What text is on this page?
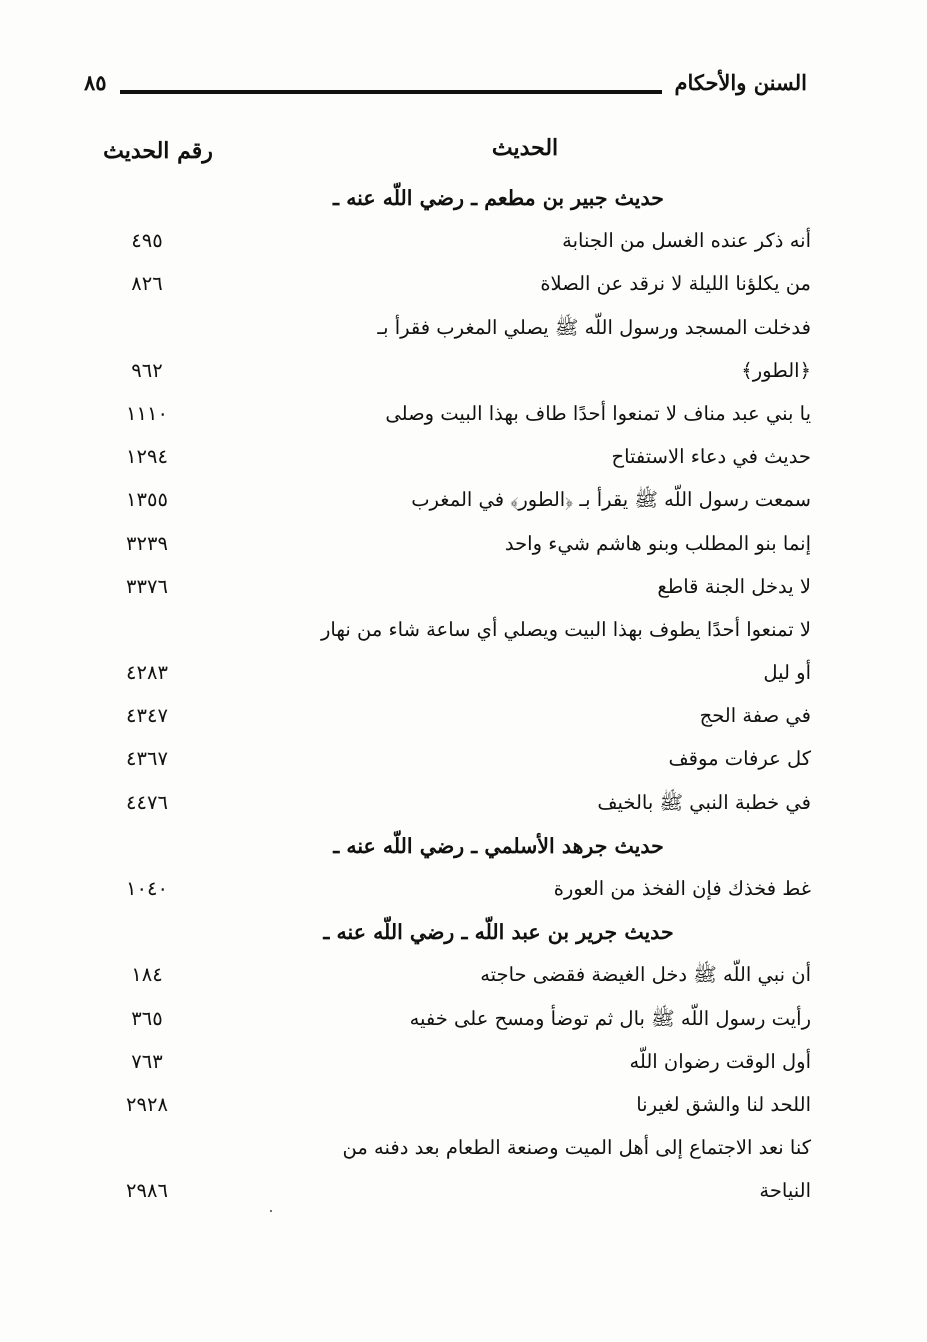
السنن والأحكام
٨٥
الحديث
رقم الحديث
حديث جبير بن مطعم ـ رضي اللّه عنه ـ
أنه ذكر عنده الغسل من الجنابة
٤٩٥
من يكلؤنا الليلة لا نرقد عن الصلاة
٨٢٦
فدخلت المسجد ورسول اللّه ﷺ يصلي المغرب فقرأ بـ
﴿الطور﴾
٩٦٢
يا بني عبد مناف لا تمنعوا أحدًا طاف بهذا البيت وصلى
١١١٠
حديث في دعاء الاستفتاح
١٢٩٤
سمعت رسول اللّه ﷺ يقرأ بـ ﴿الطور﴾ في المغرب
١٣٥٥
إنما بنو المطلب وبنو هاشم شيء واحد
٣٢٣٩
لا يدخل الجنة قاطع
٣٣٧٦
لا تمنعوا أحدًا يطوف بهذا البيت ويصلي أي ساعة شاء من نهار
أو ليل
٤٢٨٣
في صفة الحج
٤٣٤٧
كل عرفات موقف
٤٣٦٧
في خطبة النبي ﷺ بالخيف
٤٤٧٦
حديث جرهد الأسلمي ـ رضي اللّه عنه ـ
غط فخذك فإن الفخذ من العورة
١٠٤٠
حديث جرير بن عبد اللّه ـ رضي اللّه عنه ـ
أن نبي اللّه ﷺ دخل الغيضة فقضى حاجته
١٨٤
رأيت رسول اللّه ﷺ بال ثم توضأ ومسح على خفيه
٣٦٥
أول الوقت رضوان اللّه
٧٦٣
اللحد لنا والشق لغيرنا
٢٩٢٨
كنا نعد الاجتماع إلى أهل الميت وصنعة الطعام بعد دفنه من
النياحة
٢٩٨٦
